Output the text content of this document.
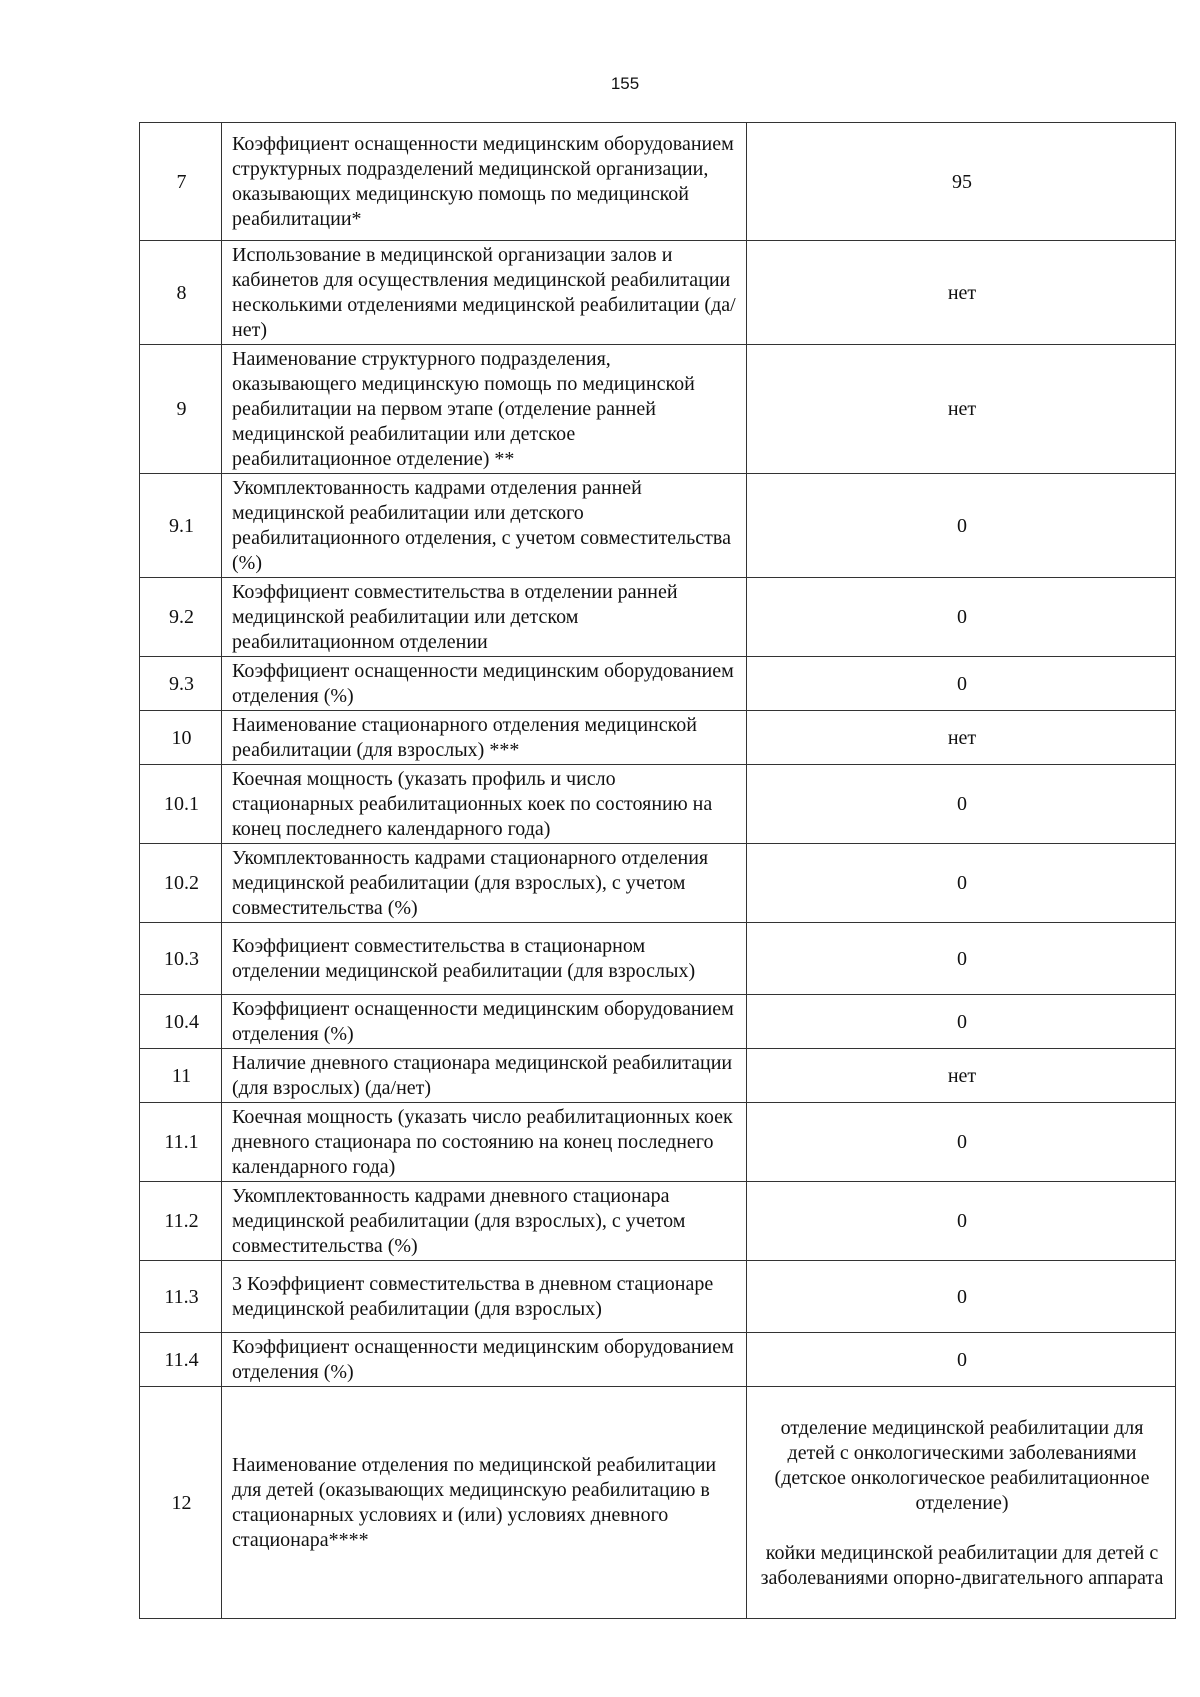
155
7	Коэффициент оснащенности медицинским оборудованием структурных подразделений медицинской организации, оказывающих медицинскую помощь по медицинской реабилитации*	95
8	Использование в медицинской организации залов и кабинетов для осуществления медицинской реабилитации несколькими отделениями медицинской реабилитации (да/нет)	нет
9	Наименование структурного подразделения, оказывающего медицинскую помощь по медицинской реабилитации на первом этапе (отделение ранней медицинской реабилитации или детское реабилитационное отделение) **	нет
9.1	Укомплектованность кадрами отделения ранней медицинской реабилитации или детского реабилитационного отделения, с учетом совместительства (%)	0
9.2	Коэффициент совместительства в отделении ранней медицинской реабилитации или детском реабилитационном отделении	0
9.3	Коэффициент оснащенности медицинским оборудованием отделения (%)	0
10	Наименование стационарного отделения медицинской реабилитации (для взрослых) ***	нет
10.1	Коечная мощность (указать профиль и число стационарных реабилитационных коек по состоянию на конец последнего календарного года)	0
10.2	Укомплектованность кадрами стационарного отделения медицинской реабилитации (для взрослых), с учетом совместительства (%)	0
10.3	Коэффициент совместительства в стационарном отделении медицинской реабилитации (для взрослых)	0
10.4	Коэффициент оснащенности медицинским оборудованием отделения (%)	0
11	Наличие дневного стационара медицинской реабилитации (для взрослых) (да/нет)	нет
11.1	Коечная мощность (указать число реабилитационных коек дневного стационара по состоянию на конец последнего календарного года)	0
11.2	Укомплектованность кадрами дневного стационара медицинской реабилитации (для взрослых), с учетом совместительства (%)	0
11.3	3 Коэффициент совместительства в дневном стационаре медицинской реабилитации (для взрослых)	0
11.4	Коэффициент оснащенности медицинским оборудованием отделения (%)	0
12	Наименование отделения по медицинской реабилитации для детей (оказывающих медицинскую реабилитацию в стационарных условиях и (или) условиях дневного стационара****	отделение медицинской реабилитации для детей с онкологическими заболеваниями (детское онкологическое реабилитационное отделение)
койки медицинской реабилитации для детей с заболеваниями опорно-двигательного аппарата
